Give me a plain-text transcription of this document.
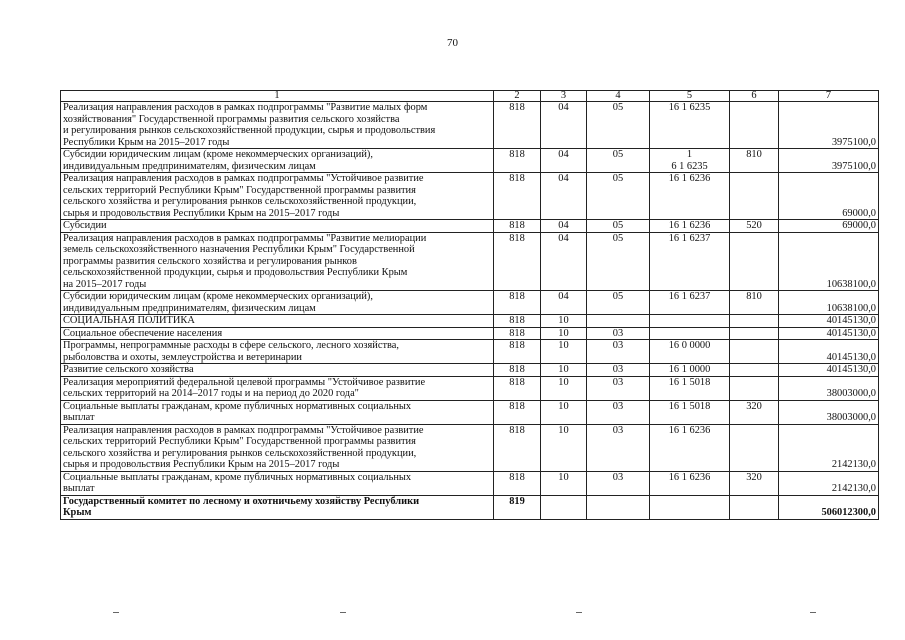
70
1	2	3	4	5	6	7
Реализация направления расходов в рамках подпрограммы "Развитие малых форм
хозяйствования" Государственной программы развития сельского хозяйства
и регулирования рынков сельскохозяйственной продукции, сырья и продовольствия
Республики Крым на 2015–2017 годы	818	04	05	16 1 6235		3975100,0
Субсидии юридическим лицам (кроме некоммерческих организаций),
индивидуальным предпринимателям, физическим лицам	818	04	05	1
6 1 6235	810	3975100,0
Реализация направления расходов в рамках подпрограммы "Устойчивое развитие
сельских территорий Республики Крым" Государственной программы развития
сельского хозяйства и регулирования рынков сельскохозяйственной продукции,
сырья и продовольствия Республики Крым на 2015–2017 годы	818	04	05	16 1 6236		69000,0
Субсидии	818	04	05	16 1 6236	520	69000,0
Реализация направления расходов в рамках подпрограммы "Развитие мелиорации
земель сельскохозяйственного назначения Республики Крым" Государственной
программы развития сельского хозяйства и регулирования рынков
сельскохозяйственной продукции, сырья и продовольствия Республики Крым
на 2015–2017 годы	818	04	05	16 1 6237		10638100,0
Субсидии юридическим лицам (кроме некоммерческих организаций),
индивидуальным предпринимателям, физическим лицам	818	04	05	16 1 6237	810	10638100,0
СОЦИАЛЬНАЯ ПОЛИТИКА	818	10				40145130,0
Социальное обеспечение населения	818	10	03			40145130,0
Программы, непрограммные расходы в сфере сельского, лесного хозяйства,
рыболовства и охоты, землеустройства и ветеринарии	818	10	03	16 0 0000		40145130,0
Развитие сельского хозяйства	818	10	03	16 1 0000		40145130,0
Реализация мероприятий федеральной целевой программы "Устойчивое развитие
сельских территорий на 2014–2017 годы и на период до 2020 года"	818	10	03	16 1 5018		38003000,0
Социальные выплаты гражданам, кроме публичных нормативных социальных
выплат	818	10	03	16 1 5018	320	38003000,0
Реализация направления расходов в рамках подпрограммы "Устойчивое развитие
сельских территорий Республики Крым" Государственной программы развития
сельского хозяйства и регулирования рынков сельскохозяйственной продукции,
сырья и продовольствия Республики Крым на 2015–2017 годы	818	10	03	16 1 6236		2142130,0
Социальные выплаты гражданам, кроме публичных нормативных социальных
выплат	818	10	03	16 1 6236	320	2142130,0
Государственный комитет по лесному и охотничьему хозяйству Республики
Крым	819					506012300,0
